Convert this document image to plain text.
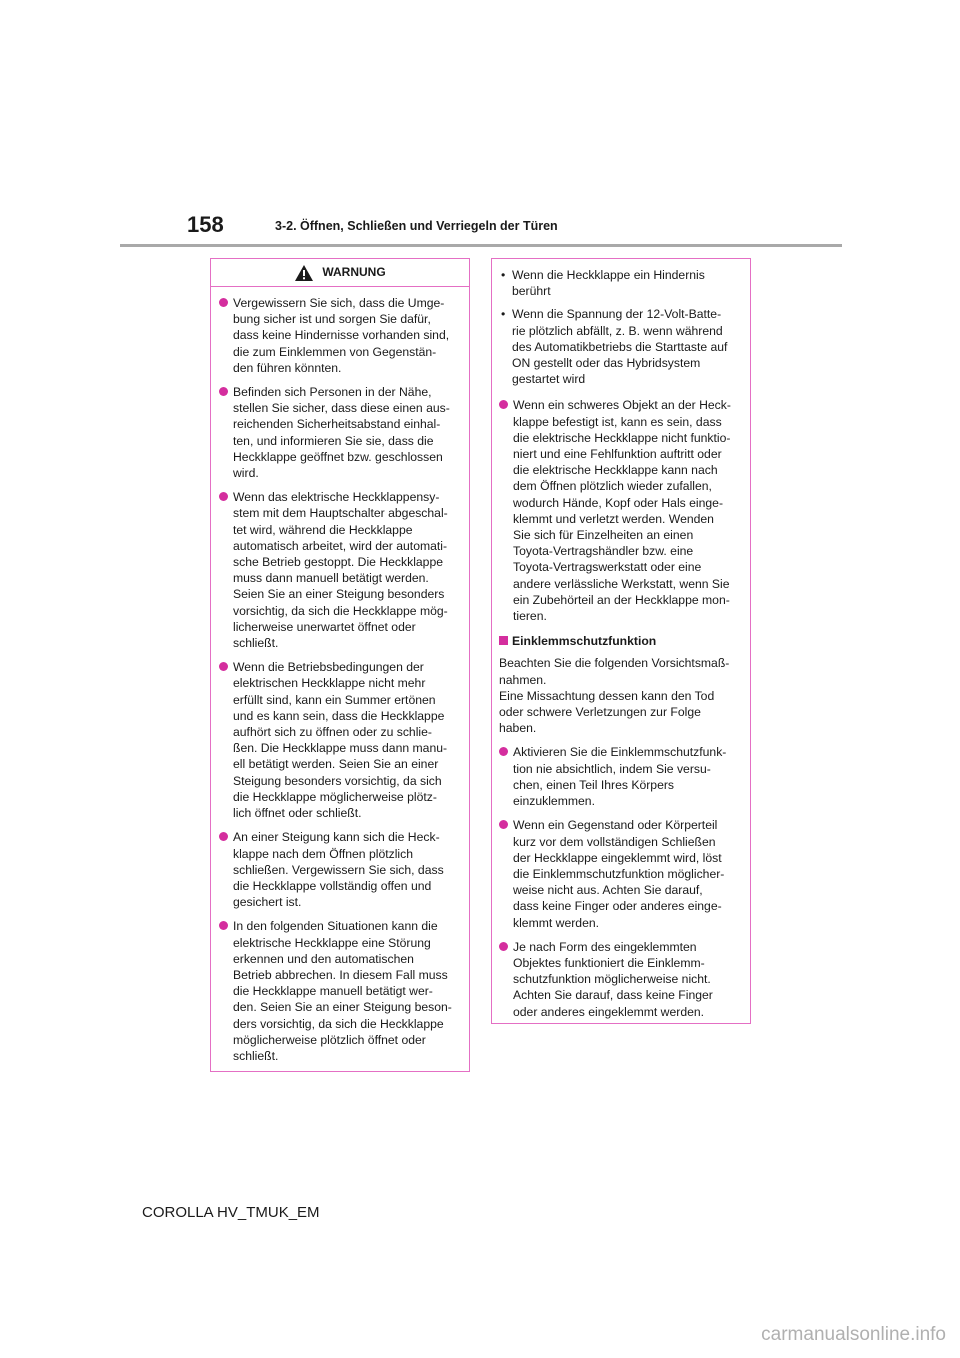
158	3-2. Öffnen, Schließen und Verriegeln der Türen
WARNUNG
Vergewissern Sie sich, dass die Umge-
bung sicher ist und sorgen Sie dafür,
dass keine Hindernisse vorhanden sind,
die zum Einklemmen von Gegenstän-
den führen könnten.
Befinden sich Personen in der Nähe,
stellen Sie sicher, dass diese einen aus-
reichenden Sicherheitsabstand einhal-
ten, und informieren Sie sie, dass die
Heckklappe geöffnet bzw. geschlossen
wird.
Wenn das elektrische Heckklappensy-
stem mit dem Hauptschalter abgeschal-
tet wird, während die Heckklappe
automatisch arbeitet, wird der automati-
sche Betrieb gestoppt. Die Heckklappe
muss dann manuell betätigt werden.
Seien Sie an einer Steigung besonders
vorsichtig, da sich die Heckklappe mög-
licherweise unerwartet öffnet oder
schließt.
Wenn die Betriebsbedingungen der
elektrischen Heckklappe nicht mehr
erfüllt sind, kann ein Summer ertönen
und es kann sein, dass die Heckklappe
aufhört sich zu öffnen oder zu schlie-
ßen. Die Heckklappe muss dann manu-
ell betätigt werden. Seien Sie an einer
Steigung besonders vorsichtig, da sich
die Heckklappe möglicherweise plötz-
lich öffnet oder schließt.
An einer Steigung kann sich die Heck-
klappe nach dem Öffnen plötzlich
schließen. Vergewissern Sie sich, dass
die Heckklappe vollständig offen und
gesichert ist.
In den folgenden Situationen kann die
elektrische Heckklappe eine Störung
erkennen und den automatischen
Betrieb abbrechen. In diesem Fall muss
die Heckklappe manuell betätigt wer-
den. Seien Sie an einer Steigung beson-
ders vorsichtig, da sich die Heckklappe
möglicherweise plötzlich öffnet oder
schließt.
• Wenn die Heckklappe ein Hindernis
berührt
• Wenn die Spannung der 12-Volt-Batte-
rie plötzlich abfällt, z. B. wenn während
des Automatikbetriebs die Starttaste auf
ON gestellt oder das Hybridsystem
gestartet wird
Wenn ein schweres Objekt an der Heck-
klappe befestigt ist, kann es sein, dass
die elektrische Heckklappe nicht funktio-
niert und eine Fehlfunktion auftritt oder
die elektrische Heckklappe kann nach
dem Öffnen plötzlich wieder zufallen,
wodurch Hände, Kopf oder Hals einge-
klemmt und verletzt werden. Wenden
Sie sich für Einzelheiten an einen
Toyota-Vertragshändler bzw. eine
Toyota-Vertragswerkstatt oder eine
andere verlässliche Werkstatt, wenn Sie
ein Zubehörteil an der Heckklappe mon-
tieren.
Einklemmschutzfunktion
Beachten Sie die folgenden Vorsichtsmaß-
nahmen.
Eine Missachtung dessen kann den Tod
oder schwere Verletzungen zur Folge
haben.
Aktivieren Sie die Einklemmschutzfunk-
tion nie absichtlich, indem Sie versu-
chen, einen Teil Ihres Körpers
einzuklemmen.
Wenn ein Gegenstand oder Körperteil
kurz vor dem vollständigen Schließen
der Heckklappe eingeklemmt wird, löst
die Einklemmschutzfunktion möglicher-
weise nicht aus. Achten Sie darauf,
dass keine Finger oder anderes einge-
klemmt werden.
Je nach Form des eingeklemmten
Objektes funktioniert die Einklemm-
schutzfunktion möglicherweise nicht.
Achten Sie darauf, dass keine Finger
oder anderes eingeklemmt werden.
COROLLA HV_TMUK_EM
carmanualsonline.info
